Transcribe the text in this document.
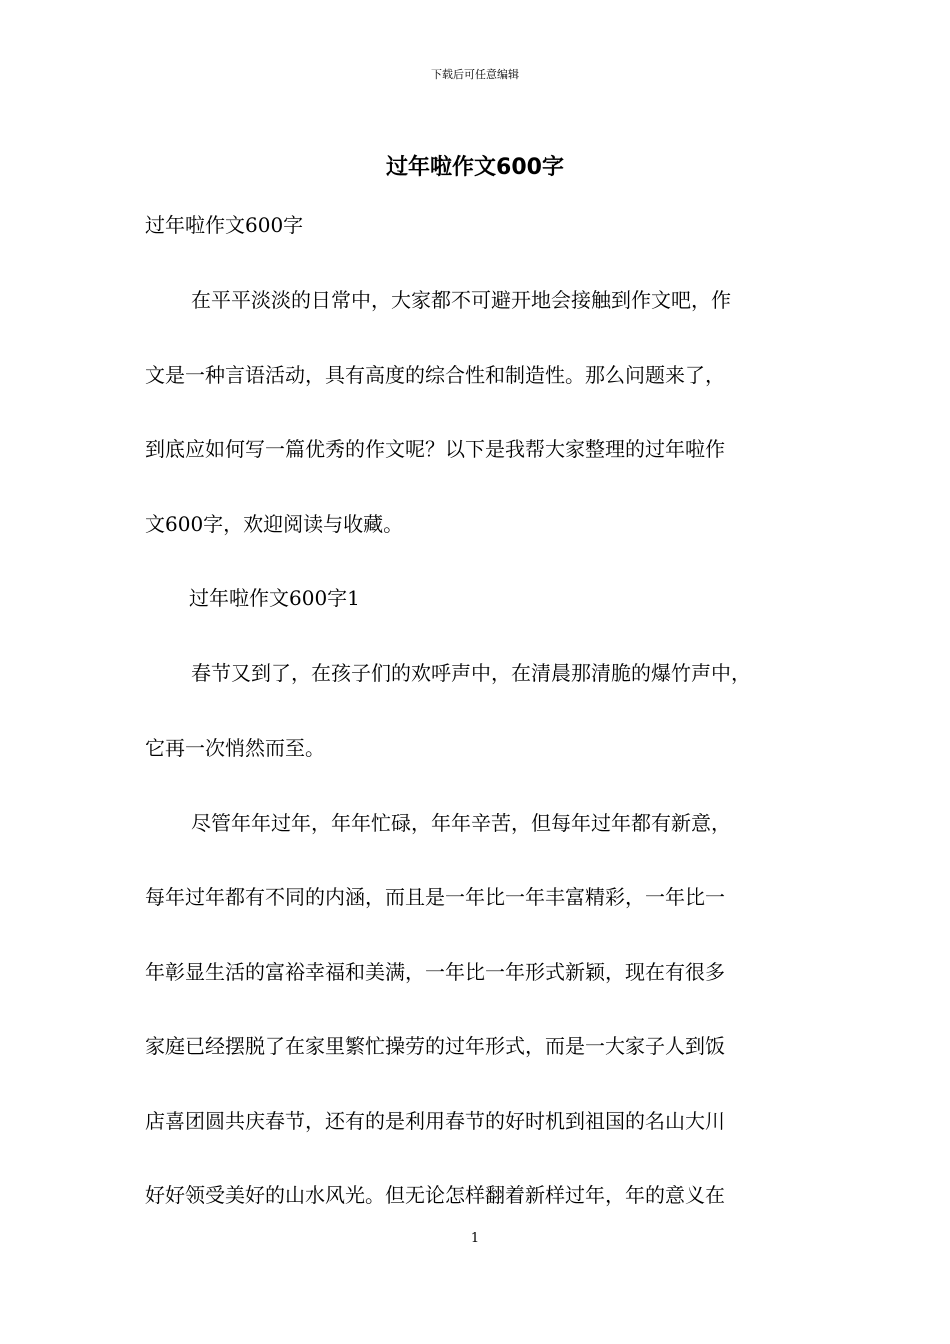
下载后可任意编辑
过年啦作文600字
过年啦作文600字
在平平淡淡的日常中，大家都不可避开地会接触到作文吧，作
文是一种言语活动，具有高度的综合性和制造性。那么问题来了，
到底应如何写一篇优秀的作文呢？以下是我帮大家整理的过年啦作
文600字，欢迎阅读与收藏。
过年啦作文600字1
春节又到了，在孩子们的欢呼声中，在清晨那清脆的爆竹声中，
它再一次悄然而至。
尽管年年过年，年年忙碌，年年辛苦，但每年过年都有新意，
每年过年都有不同的内涵，而且是一年比一年丰富精彩，一年比一
年彰显生活的富裕幸福和美满，一年比一年形式新颖，现在有很多
家庭已经摆脱了在家里繁忙操劳的过年形式，而是一大家子人到饭
店喜团圆共庆春节，还有的是利用春节的好时机到祖国的名山大川
好好领受美好的山水风光。但无论怎样翻着新样过年，年的意义在
1
